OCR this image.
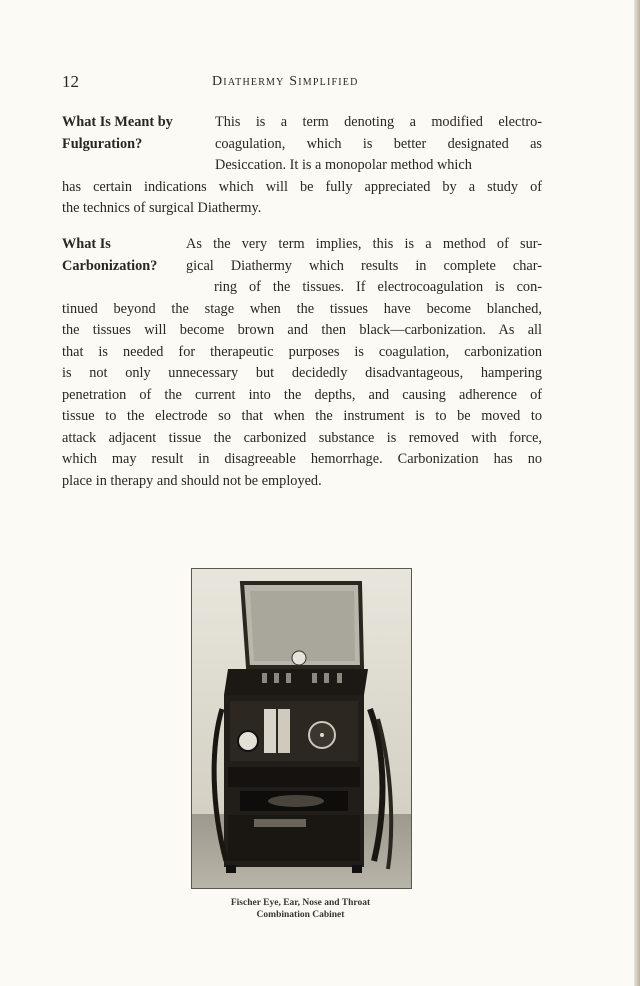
12	Diathermy Simplified
What Is Meant by
Fulguration?
This is a term denoting a modified electro-
coagulation, which is better designated as
Desiccation. It is a monopolar method which
has certain indications which will be fully appreciated by a study of
the technics of surgical Diathermy.
What Is
Carbonization?
As the very term implies, this is a method of sur-
gical Diathermy which results in complete char-
ring of the tissues. If electrocoagulation is con-
tinued beyond the stage when the tissues have become blanched,
the tissues will become brown and then black—carbonization. As all
that is needed for therapeutic purposes is coagulation, carbonization
is not only unnecessary but decidedly disadvantageous, hampering
penetration of the current into the depths, and causing adherence of
tissue to the electrode so that when the instrument is to be moved to
attack adjacent tissue the carbonized substance is removed with force,
which may result in disagreeable hemorrhage. Carbonization has no
place in therapy and should not be employed.
Fischer Eye, Ear, Nose and Throat
Combination Cabinet
